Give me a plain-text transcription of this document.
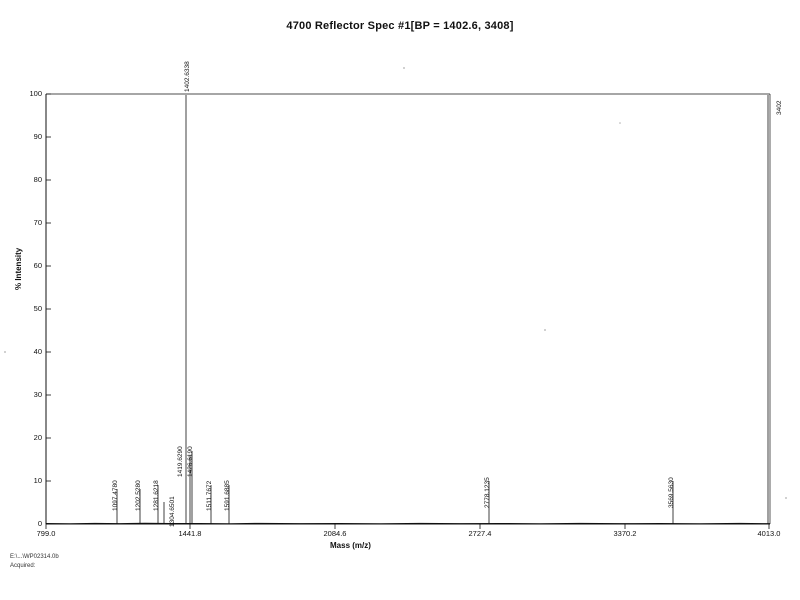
4700 Reflector Spec #1[BP = 1402.6, 3408]
0
10
20
30
40
50
60
70
80
90
100
799.0	1441.8	2084.6	2727.4	3370.2	4013.0
% Intensity
Mass (m/z)
1097.4780 1202.5280 1281.6218
1304.6501
1402.6338
1419.6290 1426.6190
1511.7672 1591.6885	2778.1235	3569.5630
3402
E:\...\WP02314.0b
Acquired:
